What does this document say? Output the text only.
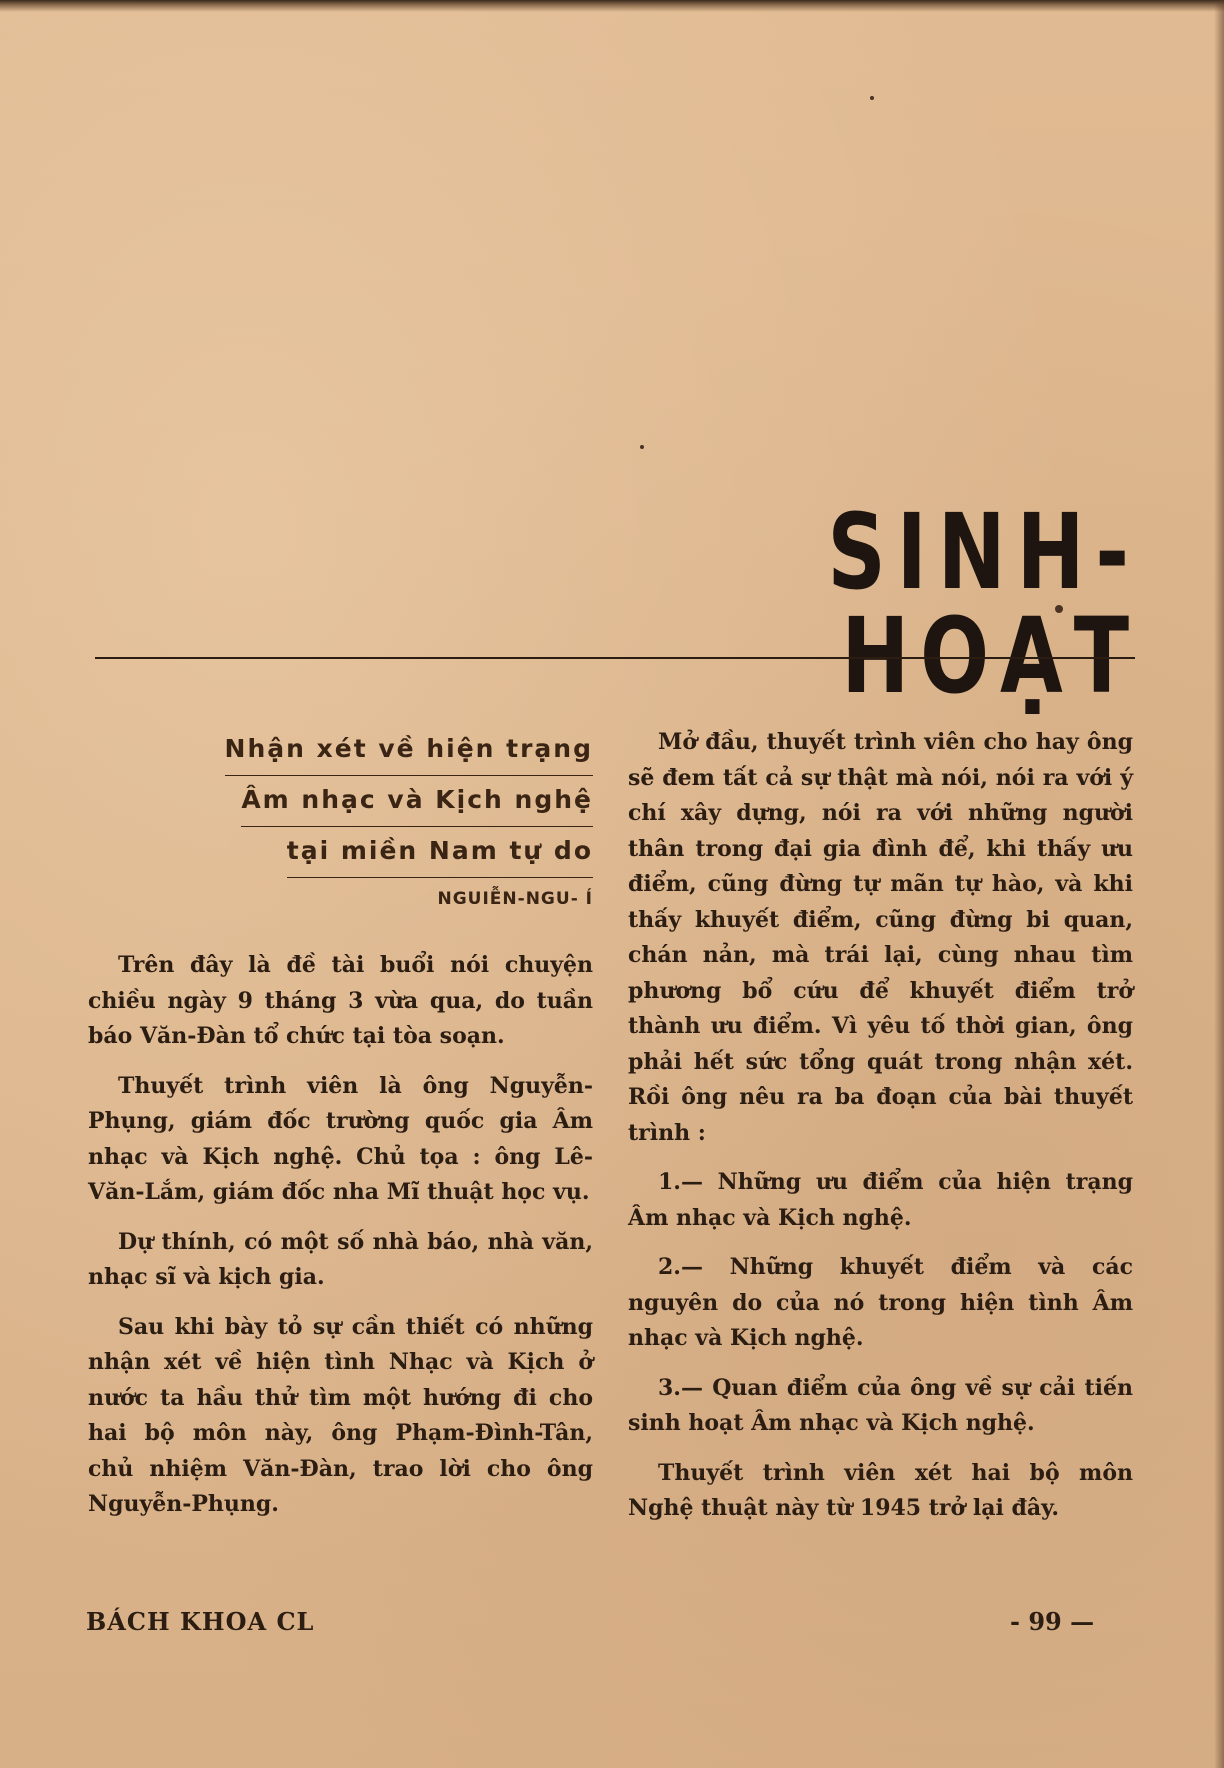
SINH-HOẠT
Nhận xét về hiện trạng
Âm nhạc và Kịch nghệ
tại miền Nam tự do
NGUIỄN-NGU- Í

Trên đây là đề tài buổi nói chuyện chiều ngày 9 tháng 3 vừa qua, do tuần báo Văn-Đàn tổ chức tại tòa soạn.

Thuyết trình viên là ông Nguyễn-Phụng, giám đốc trường quốc gia Âm nhạc và Kịch nghệ. Chủ tọa : ông Lê-Văn-Lắm, giám đốc nha Mĩ thuật học vụ.

Dự thính, có một số nhà báo, nhà văn, nhạc sĩ và kịch gia.

Sau khi bày tỏ sự cần thiết có những nhận xét về hiện tình Nhạc và Kịch ở nước ta hầu thử tìm một hướng đi cho hai bộ môn này, ông Phạm-Đình-Tân, chủ nhiệm Văn-Đàn, trao lời cho ông Nguyễn-Phụng.

Mở đầu, thuyết trình viên cho hay ông sẽ đem tất cả sự thật mà nói, nói ra với ý chí xây dựng, nói ra với những người thân trong đại gia đình để, khi thấy ưu điểm, cũng đừng tự mãn tự hào, và khi thấy khuyết điểm, cũng đừng bi quan, chán nản, mà trái lại, cùng nhau tìm phương bổ cứu để khuyết điểm trở thành ưu điểm. Vì yêu tố thời gian, ông phải hết sức tổng quát trong nhận xét. Rồi ông nêu ra ba đoạn của bài thuyết trình :

1.— Những ưu điểm của hiện trạng Âm nhạc và Kịch nghệ.

2.— Những khuyết điểm và các nguyên do của nó trong hiện tình Âm nhạc và Kịch nghệ.

3.— Quan điểm của ông về sự cải tiến sinh hoạt Âm nhạc và Kịch nghệ.

Thuyết trình viên xét hai bộ môn Nghệ thuật này từ 1945 trở lại đây.

BÁCH KHOA CL	- 99 —
